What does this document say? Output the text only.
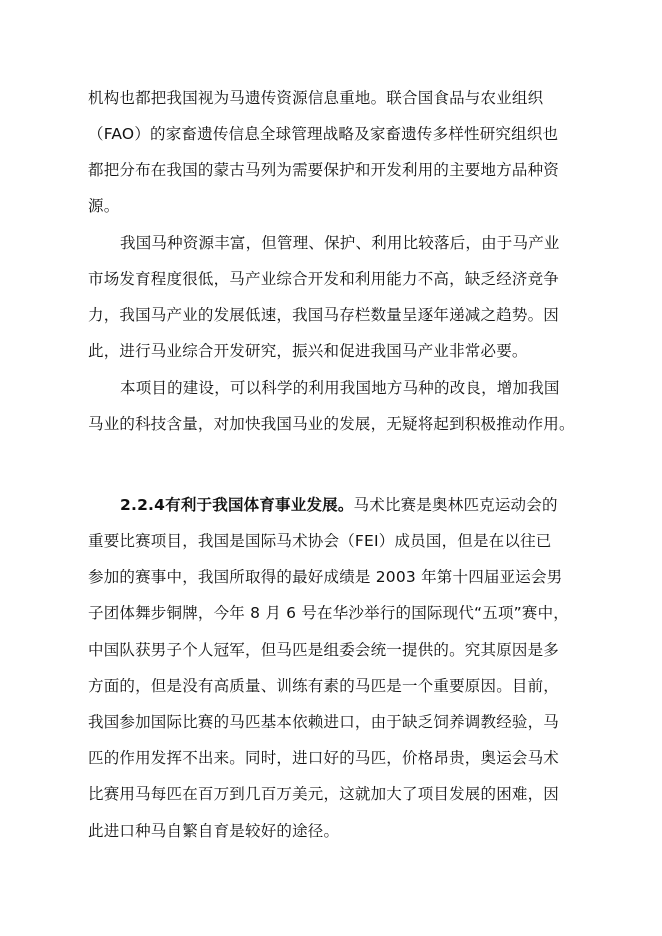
机构也都把我国视为马遗传资源信息重地。联合国食品与农业组织
（FAO）的家畜遗传信息全球管理战略及家畜遗传多样性研究组织也
都把分布在我国的蒙古马列为需要保护和开发利用的主要地方品种资
源。
我国马种资源丰富，但管理、保护、利用比较落后，由于马产业
市场发育程度很低，马产业综合开发和利用能力不高，缺乏经济竞争
力，我国马产业的发展低速，我国马存栏数量呈逐年递减之趋势。因
此，进行马业综合开发研究，振兴和促进我国马产业非常必要。
本项目的建设，可以科学的利用我国地方马种的改良，增加我国
马业的科技含量，对加快我国马业的发展，无疑将起到积极推动作用。
2.2.4有利于我国体育事业发展。马术比赛是奥林匹克运动会的
重要比赛项目，我国是国际马术协会（FEI）成员国，但是在以往已
参加的赛事中，我国所取得的最好成绩是 2003 年第十四届亚运会男
子团体舞步铜牌，今年 8 月 6 号在华沙举行的国际现代“五项”赛中，
中国队获男子个人冠军，但马匹是组委会统一提供的。究其原因是多
方面的，但是没有高质量、训练有素的马匹是一个重要原因。目前，
我国参加国际比赛的马匹基本依赖进口，由于缺乏饲养调教经验，马
匹的作用发挥不出来。同时，进口好的马匹，价格昂贵，奥运会马术
比赛用马每匹在百万到几百万美元，这就加大了项目发展的困难，因
此进口种马自繁自育是较好的途径。
